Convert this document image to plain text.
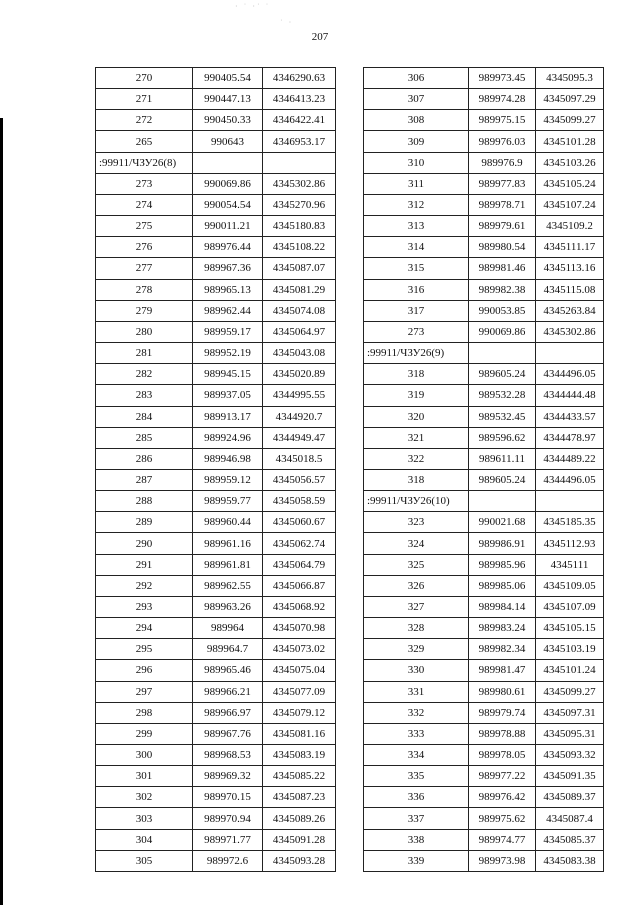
· ˙ ·˙ ˙
˙ ·
207
270	990405.54	4346290.63
271	990447.13	4346413.23
272	990450.33	4346422.41
265	990643	4346953.17
:99911/ЧЗУ26(8)		
273	990069.86	4345302.86
274	990054.54	4345270.96
275	990011.21	4345180.83
276	989976.44	4345108.22
277	989967.36	4345087.07
278	989965.13	4345081.29
279	989962.44	4345074.08
280	989959.17	4345064.97
281	989952.19	4345043.08
282	989945.15	4345020.89
283	989937.05	4344995.55
284	989913.17	4344920.7
285	989924.96	4344949.47
286	989946.98	4345018.5
287	989959.12	4345056.57
288	989959.77	4345058.59
289	989960.44	4345060.67
290	989961.16	4345062.74
291	989961.81	4345064.79
292	989962.55	4345066.87
293	989963.26	4345068.92
294	989964	4345070.98
295	989964.7	4345073.02
296	989965.46	4345075.04
297	989966.21	4345077.09
298	989966.97	4345079.12
299	989967.76	4345081.16
300	989968.53	4345083.19
301	989969.32	4345085.22
302	989970.15	4345087.23
303	989970.94	4345089.26
304	989971.77	4345091.28
305	989972.6	4345093.28
306	989973.45	4345095.3
307	989974.28	4345097.29
308	989975.15	4345099.27
309	989976.03	4345101.28
310	989976.9	4345103.26
311	989977.83	4345105.24
312	989978.71	4345107.24
313	989979.61	4345109.2
314	989980.54	4345111.17
315	989981.46	4345113.16
316	989982.38	4345115.08
317	990053.85	4345263.84
273	990069.86	4345302.86
:99911/ЧЗУ26(9)		
318	989605.24	4344496.05
319	989532.28	4344444.48
320	989532.45	4344433.57
321	989596.62	4344478.97
322	989611.11	4344489.22
318	989605.24	4344496.05
:99911/ЧЗУ26(10)		
323	990021.68	4345185.35
324	989986.91	4345112.93
325	989985.96	4345111
326	989985.06	4345109.05
327	989984.14	4345107.09
328	989983.24	4345105.15
329	989982.34	4345103.19
330	989981.47	4345101.24
331	989980.61	4345099.27
332	989979.74	4345097.31
333	989978.88	4345095.31
334	989978.05	4345093.32
335	989977.22	4345091.35
336	989976.42	4345089.37
337	989975.62	4345087.4
338	989974.77	4345085.37
339	989973.98	4345083.38
